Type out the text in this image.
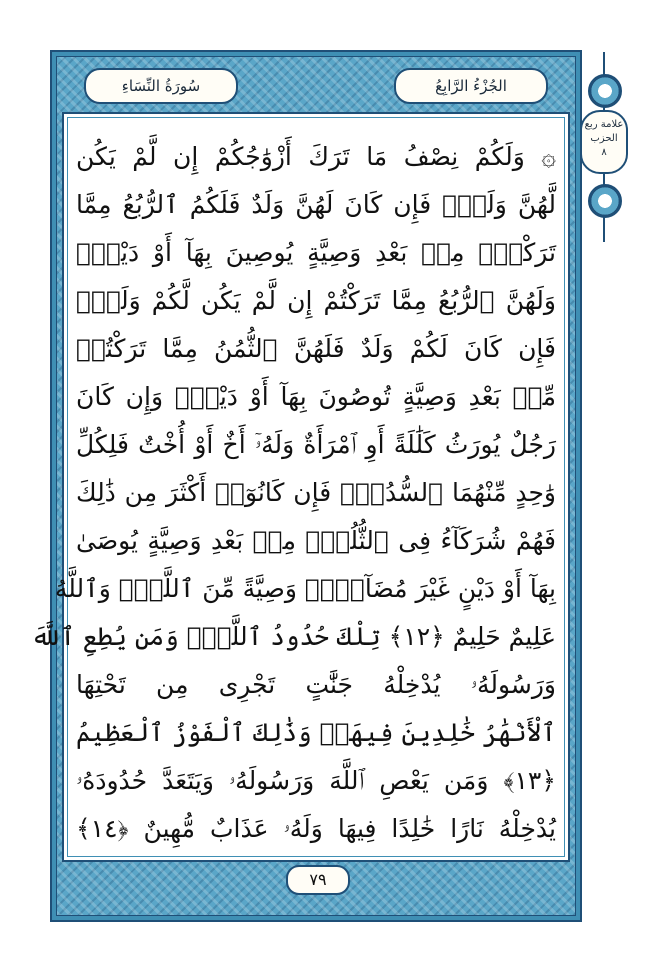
سُورَةُ النِّسَاءِ	الجُزْءُ الرَّابِعُ
۞ وَلَكُمْ نِصْفُ مَا تَرَكَ أَزْوَٰجُكُمْ إِن لَّمْ يَكُن
لَّهُنَّ وَلَدٌۚ فَإِن كَانَ لَهُنَّ وَلَدٌ فَلَكُمُ ٱلرُّبُعُ مِمَّا
تَرَكْنَۚ مِنۢ بَعْدِ وَصِيَّةٍ يُوصِينَ بِهَآ أَوْ دَيْنٍۚ
وَلَهُنَّ ٱلرُّبُعُ مِمَّا تَرَكْتُمْ إِن لَّمْ يَكُن لَّكُمْ وَلَدٌۚ
فَإِن كَانَ لَكُمْ وَلَدٌ فَلَهُنَّ ٱلثُّمُنُ مِمَّا تَرَكْتُمۚ
مِّنۢ بَعْدِ وَصِيَّةٍ تُوصُونَ بِهَآ أَوْ دَيْنٍۗ وَإِن كَانَ
رَجُلٌ يُورَثُ كَلَٰلَةً أَوِ ٱمْرَأَةٌ وَلَهُۥٓ أَخٌ أَوْ أُخْتٌ فَلِكُلِّ
وَٰحِدٍ مِّنْهُمَا ٱلسُّدُسُۚ فَإِن كَانُوٓا۟ أَكْثَرَ مِن ذَٰلِكَ
فَهُمْ شُرَكَآءُ فِى ٱلثُّلُثِۚ مِنۢ بَعْدِ وَصِيَّةٍ يُوصَىٰ
بِهَآ أَوْ دَيْنٍ غَيْرَ مُضَآرٍّۚ وَصِيَّةً مِّنَ ٱللَّهِۗ وَٱللَّهُ
عَلِيمٌ حَلِيمٌ ﴿١٢﴾ تِلْكَ حُدُودُ ٱللَّهِۚ وَمَن يُطِعِ ٱللَّهَ
وَرَسُولَهُۥ يُدْخِلْهُ جَنَّٰتٍ تَجْرِى مِن تَحْتِهَا
ٱلْأَنْهَٰرُ خَٰلِدِينَ فِيهَاۚ وَذَٰلِكَ ٱلْفَوْزُ ٱلْعَظِيمُ
﴿١٣﴾ وَمَن يَعْصِ ٱللَّهَ وَرَسُولَهُۥ وَيَتَعَدَّ حُدُودَهُۥ
يُدْخِلْهُ نَارًا خَٰلِدًا فِيهَا وَلَهُۥ عَذَابٌ مُّهِينٌ ﴿١٤﴾
٧٩
علامة ربع
الحزب
٨
